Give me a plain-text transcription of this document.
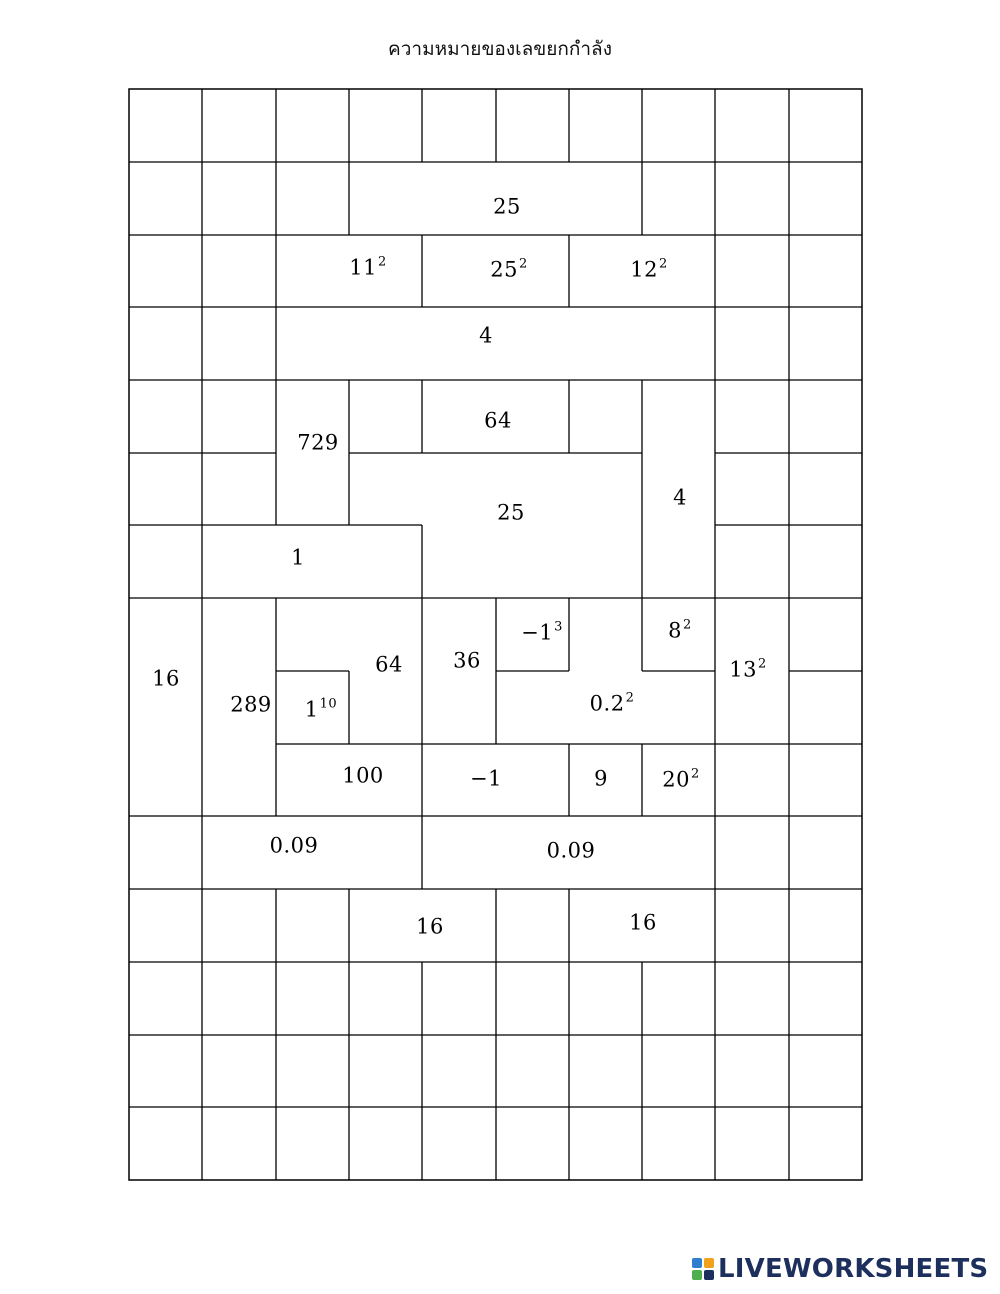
ความหมายของเลขยกกำลัง
25
$11^2$	$25^2$	$12^2$
4
729
64
25
4
1
16
289
64
$1^{10}$
36
$-1^3$	$8^2$
$0.2^2$
$13^2$
100	−1	9	$20^2$
0.09	0.09
16	16
LIVEWORKSHEETS
